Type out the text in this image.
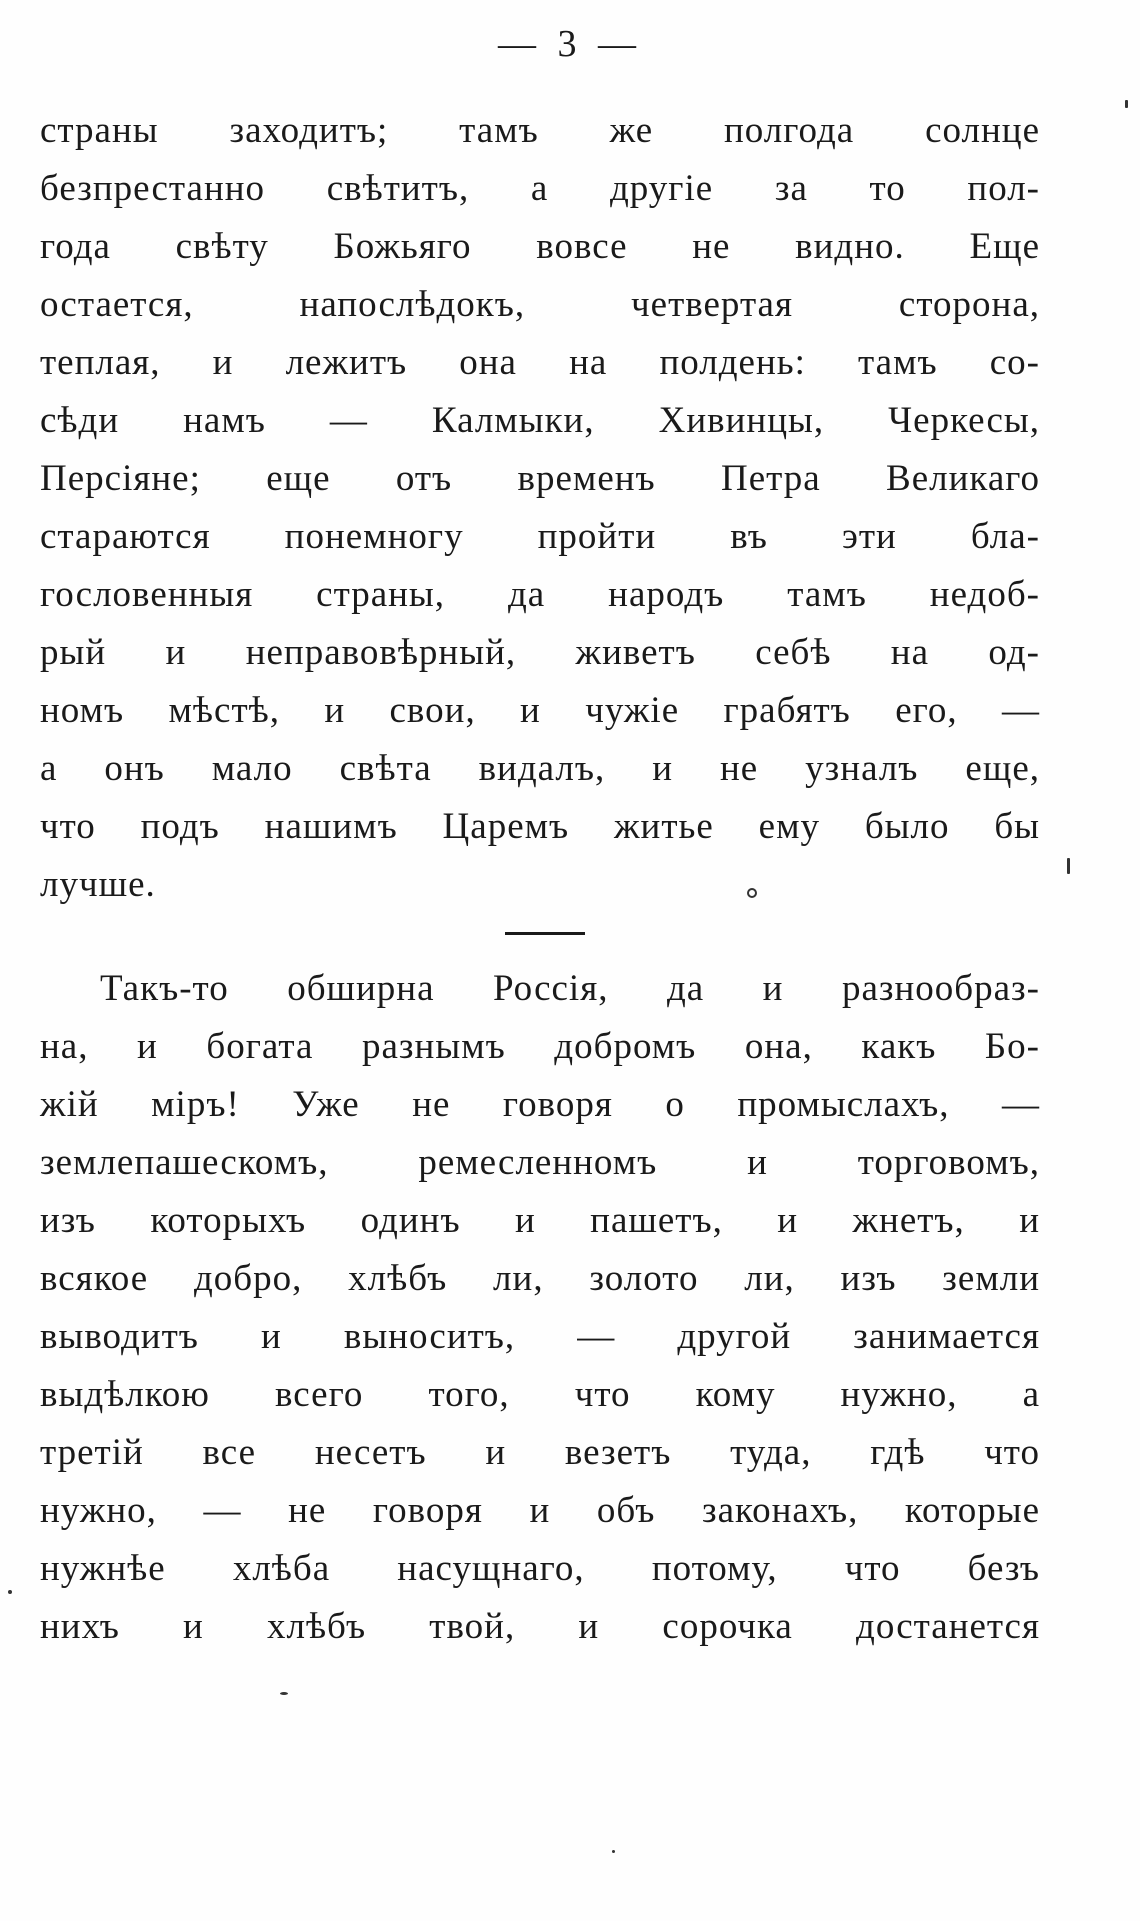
— 3 —
страны заходитъ; тамъ же полгода солнце
безпрестанно свѣтитъ, а другіе за то пол-
года свѣту Божьяго вовсе не видно. Еще
остается, напослѣдокъ, четвертая сторона,
теплая, и лежитъ она на полдень: тамъ со-
сѣди намъ — Калмыки, Хивинцы, Черкесы,
Персіяне; еще отъ временъ Петра Великаго
стараются понемногу пройти въ эти бла-
гословенныя страны, да народъ тамъ недоб-
рый и неправовѣрный, живетъ себѣ на од-
номъ мѣстѣ, и свои, и чужіе грабятъ его, —
а онъ мало свѣта видалъ, и не узналъ еще,
что подъ нашимъ Царемъ житье ему было бы
лучше.
Такъ-то обширна Россія, да и разнообраз-
на, и богата разнымъ добромъ она, какъ Бо-
жій міръ! Уже не говоря о промыслахъ, —
землепашескомъ, ремесленномъ и торговомъ,
изъ которыхъ одинъ и пашетъ, и жнетъ, и
всякое добро, хлѣбъ ли, золото ли, изъ земли
выводитъ и выноситъ, — другой занимается
выдѣлкою всего того, что кому нужно, а
третій все несетъ и везетъ туда, гдѣ что
нужно, — не говоря и объ законахъ, которые
нужнѣе хлѣба насущнаго, потому, что безъ
нихъ и хлѣбъ твой, и сорочка достанется
